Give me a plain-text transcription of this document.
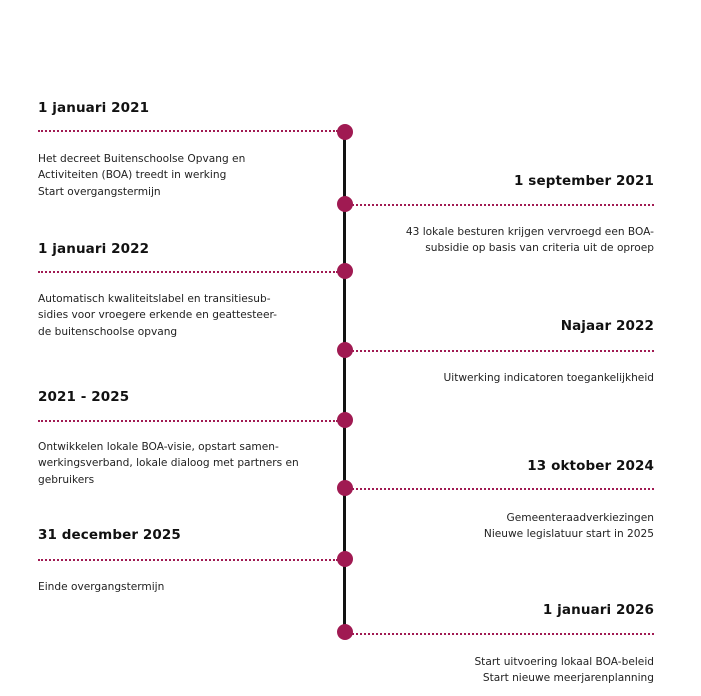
1 januari 2021
Het decreet Buitenschoolse Opvang en
Activiteiten (BOA) treedt in werking
Start overgangstermijn
1 september 2021
43 lokale besturen krijgen vervroegd een BOA-
subsidie op basis van criteria uit de oproep
1 januari 2022
Automatisch kwaliteitslabel en transitiesub-
sidies voor vroegere erkende en geattesteer-
de buitenschoolse opvang	Najaar 2022
Uitwerking indicatoren toegankelijkheid
2021 - 2025
Ontwikkelen lokale BOA-visie, opstart samen-
werkingsverband, lokale dialoog met partners en
gebruikers
13 oktober 2024
Gemeenteraadverkiezingen
Nieuwe legislatuur start in 2025
31 december 2025
Einde overgangstermijn
1 januari 2026
Start uitvoering lokaal BOA-beleid
Start nieuwe meerjarenplanning
